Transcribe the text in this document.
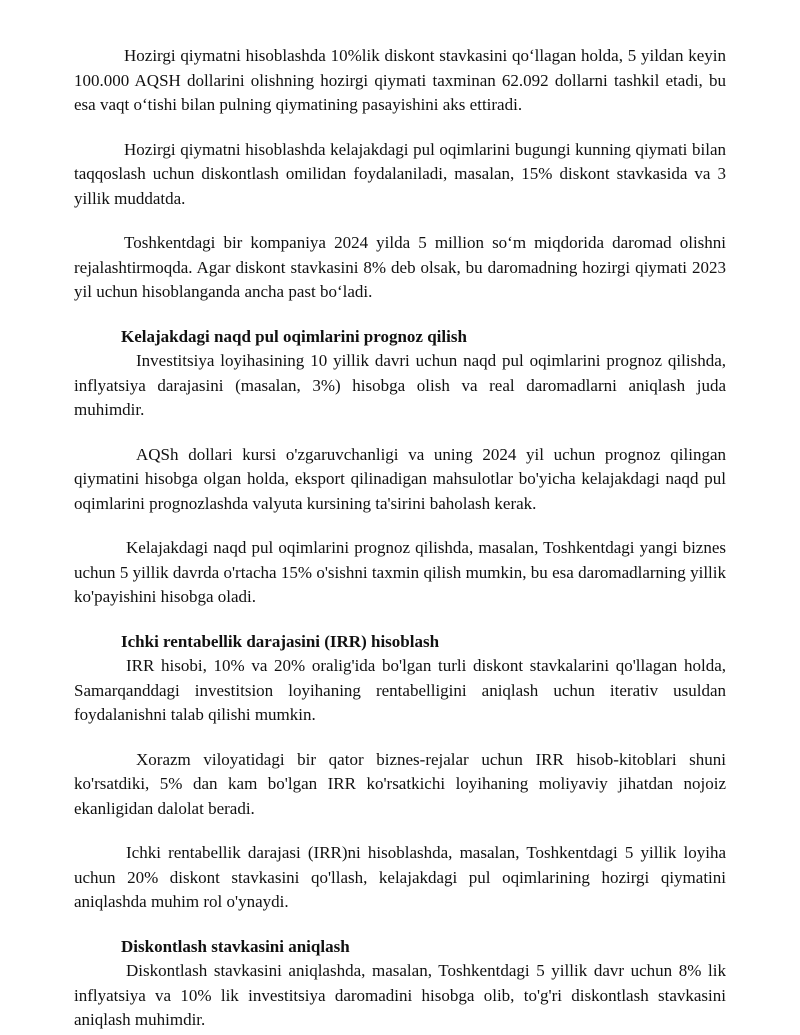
Hozirgi qiymatni hisoblashda 10%lik diskont stavkasini qo‘llagan holda, 5 yildan keyin 100.000 AQSH dollarini olishning hozirgi qiymati taxminan 62.092 dollarni tashkil etadi, bu esa vaqt o‘tishi bilan pulning qiymatining pasayishini aks ettiradi.

Hozirgi qiymatni hisoblashda kelajakdagi pul oqimlarini bugungi kunning qiymati bilan taqqoslash uchun diskontlash omilidan foydalaniladi, masalan, 15% diskont stavkasida va 3 yillik muddatda.

Toshkentdagi bir kompaniya 2024 yilda 5 million so‘m miqdorida daromad olishni rejalashtirmoqda. Agar diskont stavkasini 8% deb olsak, bu daromadning hozirgi qiymati 2023 yil uchun hisoblanganda ancha past bo‘ladi.

Kelajakdagi naqd pul oqimlarini prognoz qilish

Investitsiya loyihasining 10 yillik davri uchun naqd pul oqimlarini prognoz qilishda, inflyatsiya darajasini (masalan, 3%) hisobga olish va real daromadlarni aniqlash juda muhimdir.

AQSh dollari kursi o'zgaruvchanligi va uning 2024 yil uchun prognoz qilingan qiymatini hisobga olgan holda, eksport qilinadigan mahsulotlar bo'yicha kelajakdagi naqd pul oqimlarini prognozlashda valyuta kursining ta'sirini baholash kerak.

Kelajakdagi naqd pul oqimlarini prognoz qilishda, masalan, Toshkentdagi yangi biznes uchun 5 yillik davrda o'rtacha 15% o'sishni taxmin qilish mumkin, bu esa daromadlarning yillik ko'payishini hisobga oladi.

Ichki rentabellik darajasini (IRR) hisoblash

IRR hisobi, 10% va 20% oralig'ida bo'lgan turli diskont stavkalarini qo'llagan holda, Samarqanddagi investitsion loyihaning rentabelligini aniqlash uchun iterativ usuldan foydalanishni talab qilishi mumkin.

Xorazm viloyatidagi bir qator biznes-rejalar uchun IRR hisob-kitoblari shuni ko'rsatdiki, 5% dan kam bo'lgan IRR ko'rsatkichi loyihaning moliyaviy jihatdan nojoiz ekanligidan dalolat beradi.

Ichki rentabellik darajasi (IRR)ni hisoblashda, masalan, Toshkentdagi 5 yillik loyiha uchun 20% diskont stavkasini qo'llash, kelajakdagi pul oqimlarining hozirgi qiymatini aniqlashda muhim rol o'ynaydi.

Diskontlash stavkasini aniqlash

Diskontlash stavkasini aniqlashda, masalan, Toshkentdagi 5 yillik davr uchun 8% lik inflyatsiya va 10% lik investitsiya daromadini hisobga olib, to'g'ri diskontlash stavkasini aniqlash muhimdir.
